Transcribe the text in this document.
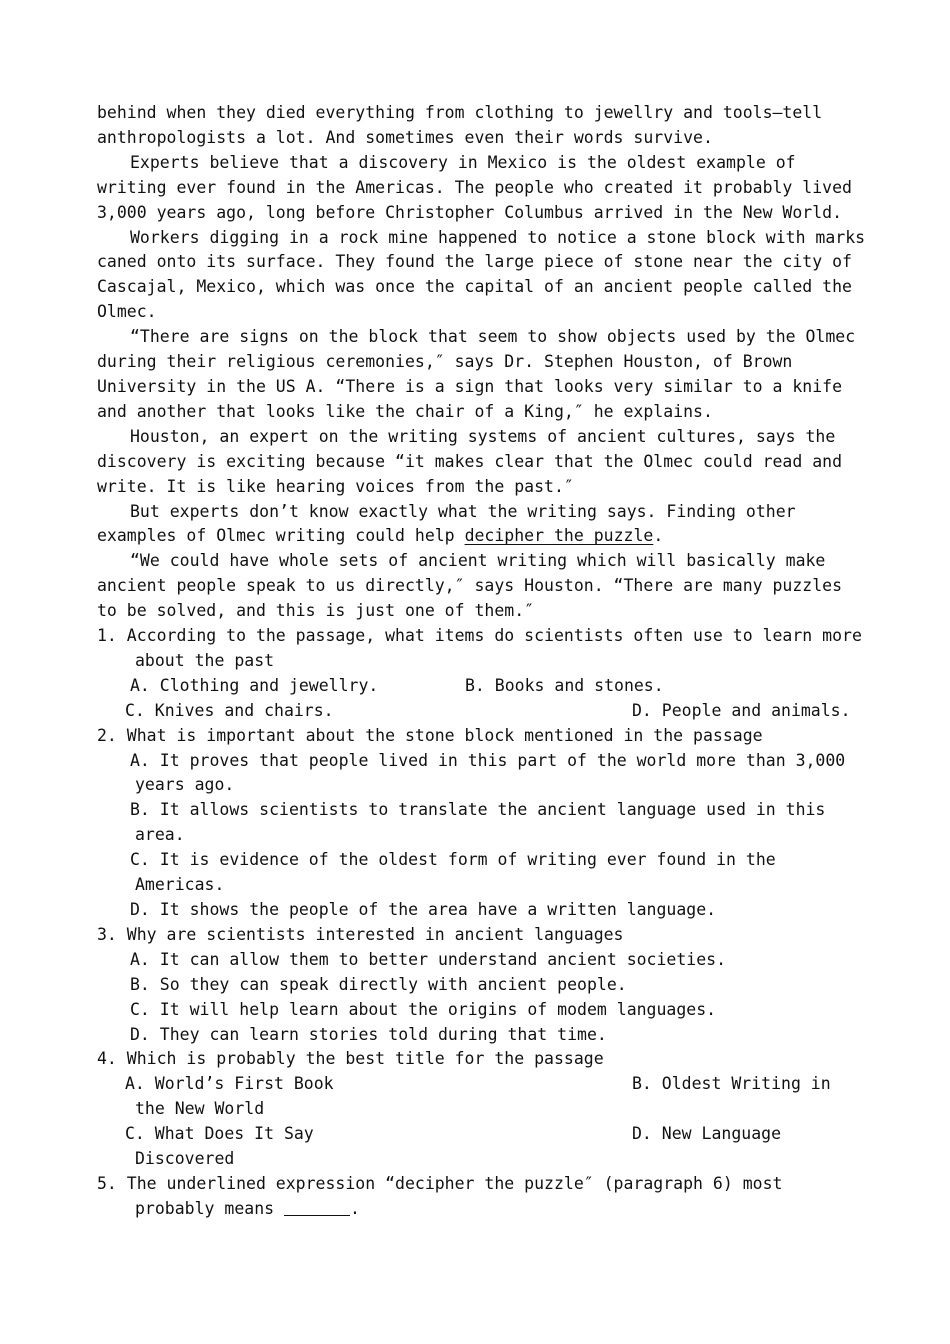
behind when they died everything from clothing to jewellry and tools—tell anthropologists a lot. And sometimes even their words survive.

Experts believe that a discovery in Mexico is the oldest example of writing ever found in the Americas. The people who created it probably lived 3,000 years ago, long before Christopher Columbus arrived in the New World.

Workers digging in a rock mine happened to notice a stone block with marks caned onto its surface. They found the large piece of stone near the city of Cascajal, Mexico, which was once the capital of an ancient people called the Olmec.

“There are signs on the block that seem to show objects used by the Olmec during their religious ceremonies,″ says Dr. Stephen Houston, of Brown University in the US A. “There is a sign that looks very similar to a knife and another that looks like the chair of a King,″ he explains.

Houston, an expert on the writing systems of ancient cultures, says the discovery is exciting because “it makes clear that the Olmec could read and write. It is like hearing voices from the past.″

But experts don’t know exactly what the writing says. Finding other examples of Olmec writing could help decipher the puzzle.

“We could have whole sets of ancient writing which will basically make ancient people speak to us directly,″ says Houston. “There are many puzzles to be solved, and this is just one of them.″

1. According to the passage, what items do scientists often use to learn more about the past

A. Clothing and jewellry.	B. Books and stones.

C. Knives and chairs.	D. People and animals.

2. What is important about the stone block mentioned in the passage

A. It proves that people lived in this part of the world more than 3,000 years ago.

B. It allows scientists to translate the ancient language used in this area.

C. It is evidence of the oldest form of writing ever found in the Americas.

D. It shows the people of the area have a written language.

3. Why are scientists interested in ancient languages

A. It can allow them to better understand ancient societies.

B. So they can speak directly with ancient people.

C. It will help learn about the origins of modem languages.

D. They can learn stories told during that time.

4. Which is probably the best title for the passage

A. World’s First Book	B. Oldest Writing in the New World

C. What Does It Say	D. New Language Discovered

5. The underlined expression “decipher the puzzle″ (paragraph 6) most probably means	.
